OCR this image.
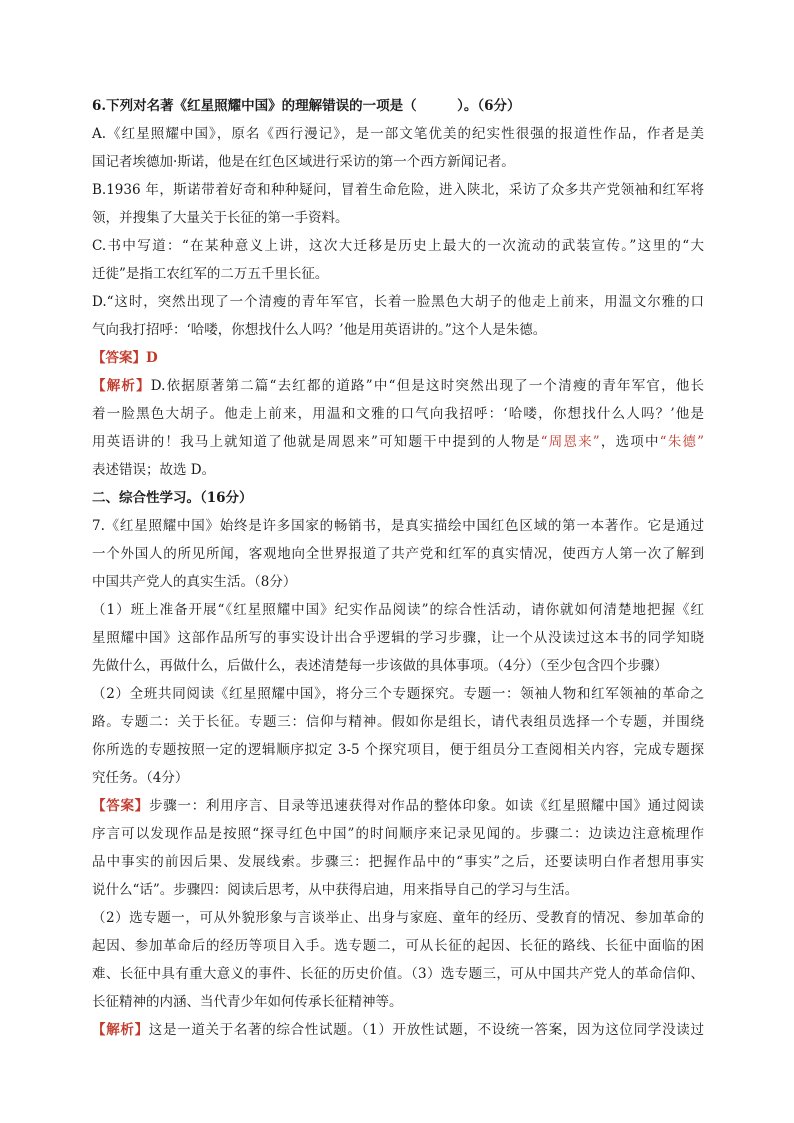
6.下列对名著《红星照耀中国》的理解错误的一项是（　　　）。（6分）
A.《红星照耀中国》，原名《西行漫记》，是一部文笔优美的纪实性很强的报道性作品，作者是美
国记者埃德加·斯诺，他是在红色区域进行采访的第一个西方新闻记者。
B.1936 年，斯诺带着好奇和种种疑问，冒着生命危险，进入陕北，采访了众多共产党领袖和红军将
领，并搜集了大量关于长征的第一手资料。
C.书中写道：“在某种意义上讲，这次大迁移是历史上最大的一次流动的武装宣传。”这里的“大
迁徙”是指工农红军的二万五千里长征。
D.“这时，突然出现了一个清瘦的青年军官，长着一脸黑色大胡子的他走上前来，用温文尔雅的口
气向我打招呼：‘哈喽，你想找什么人吗？’他是用英语讲的。”这个人是朱德。
【答案】D
【解析】D.依据原著第二篇“去红都的道路”中“但是这时突然出现了一个清瘦的青年军官，他长
着一脸黑色大胡子。他走上前来，用温和文雅的口气向我招呼：‘哈喽，你想找什么人吗？’他是
用英语讲的！我马上就知道了他就是周恩来”可知题干中提到的人物是“周恩来”，选项中“朱德”
表述错误；故选 D。
二、综合性学习。（16分）
7.《红星照耀中国》始终是许多国家的畅销书，是真实描绘中国红色区域的第一本著作。它是通过
一个外国人的所见所闻，客观地向全世界报道了共产党和红军的真实情况，使西方人第一次了解到
中国共产党人的真实生活。（8分）
（1）班上准备开展“《红星照耀中国》纪实作品阅读”的综合性活动，请你就如何清楚地把握《红
星照耀中国》这部作品所写的事实设计出合乎逻辑的学习步骤，让一个从没读过这本书的同学知晓
先做什么，再做什么，后做什么，表述清楚每一步该做的具体事项。（4分）（至少包含四个步骤）
（2）全班共同阅读《红星照耀中国》，将分三个专题探究。专题一：领袖人物和红军领袖的革命之
路。专题二：关于长征。专题三：信仰与精神。假如你是组长，请代表组员选择一个专题，并围绕
你所选的专题按照一定的逻辑顺序拟定 3-5 个探究项目，便于组员分工查阅相关内容，完成专题探
究任务。（4分）
【答案】步骤一：利用序言、目录等迅速获得对作品的整体印象。如读《红星照耀中国》通过阅读
序言可以发现作品是按照“探寻红色中国”的时间顺序来记录见闻的。步骤二：边读边注意梳理作
品中事实的前因后果、发展线索。步骤三：把握作品中的“事实”之后，还要读明白作者想用事实
说什么“话”。步骤四：阅读后思考，从中获得启迪，用来指导自己的学习与生活。
（2）选专题一，可从外貌形象与言谈举止、出身与家庭、童年的经历、受教育的情况、参加革命的
起因、参加革命后的经历等项目入手。选专题二，可从长征的起因、长征的路线、长征中面临的困
难、长征中具有重大意义的事件、长征的历史价值。（3）选专题三，可从中国共产党人的革命信仰、
长征精神的内涵、当代青少年如何传承长征精神等。
【解析】这是一道关于名著的综合性试题。（1）开放性试题，不设统一答案，因为这位同学没读过
